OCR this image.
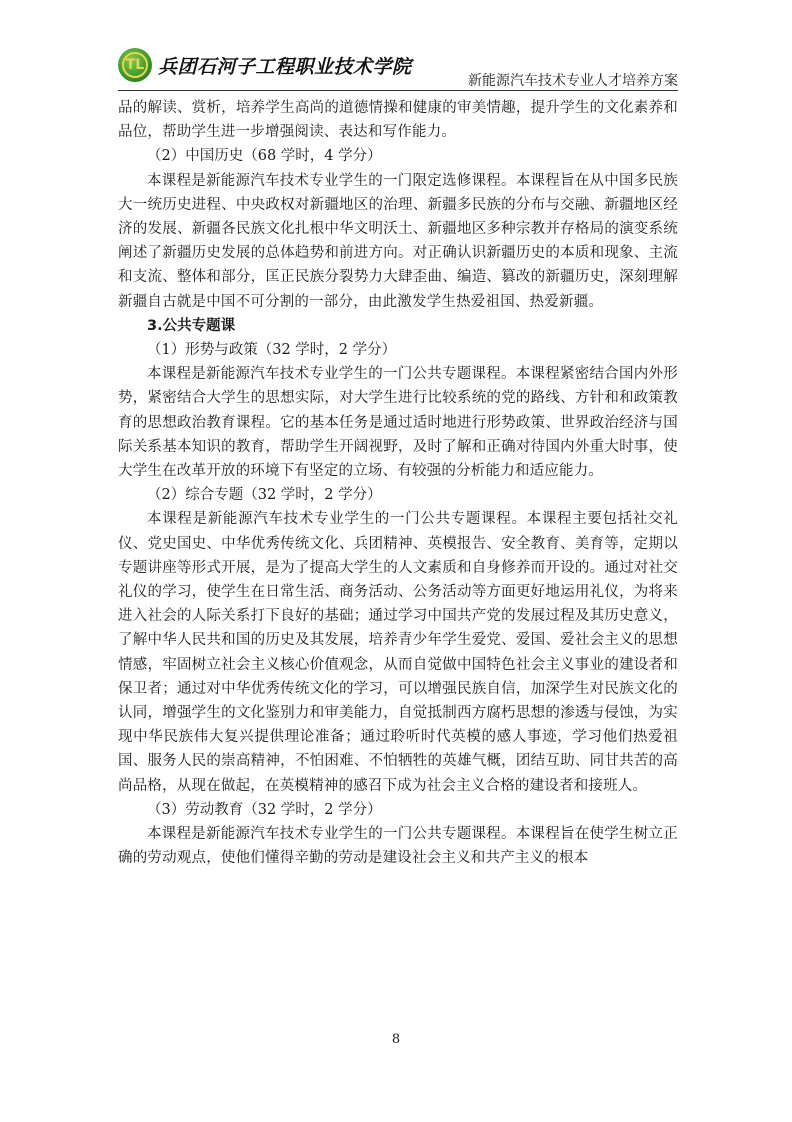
TL 兵团石河子工程职业技术学院
新能源汽车技术专业人才培养方案

品的解读、赏析，培养学生高尚的道德情操和健康的审美情趣，提升学生的文化素养和品位，帮助学生进一步增强阅读、表达和写作能力。

（2）中国历史（68 学时，4 学分）

本课程是新能源汽车技术专业学生的一门限定选修课程。本课程旨在从中国多民族大一统历史进程、中央政权对新疆地区的治理、新疆多民族的分布与交融、新疆地区经济的发展、新疆各民族文化扎根中华文明沃土、新疆地区多种宗教并存格局的演变系统阐述了新疆历史发展的总体趋势和前进方向。对正确认识新疆历史的本质和现象、主流和支流、整体和部分，匡正民族分裂势力大肆歪曲、编造、篡改的新疆历史，深刻理解新疆自古就是中国不可分割的一部分，由此激发学生热爱祖国、热爱新疆。

3.公共专题课

（1）形势与政策（32 学时，2 学分）

本课程是新能源汽车技术专业学生的一门公共专题课程。本课程紧密结合国内外形势，紧密结合大学生的思想实际，对大学生进行比较系统的党的路线、方针和和政策教育的思想政治教育课程。它的基本任务是通过适时地进行形势政策、世界政治经济与国际关系基本知识的教育，帮助学生开阔视野，及时了解和正确对待国内外重大时事，使大学生在改革开放的环境下有坚定的立场、有较强的分析能力和适应能力。

（2）综合专题（32 学时，2 学分）

本课程是新能源汽车技术专业学生的一门公共专题课程。本课程主要包括社交礼仪、党史国史、中华优秀传统文化、兵团精神、英模报告、安全教育、美育等，定期以专题讲座等形式开展，是为了提高大学生的人文素质和自身修养而开设的。通过对社交礼仪的学习，使学生在日常生活、商务活动、公务活动等方面更好地运用礼仪，为将来进入社会的人际关系打下良好的基础；通过学习中国共产党的发展过程及其历史意义，了解中华人民共和国的历史及其发展，培养青少年学生爱党、爱国、爱社会主义的思想情感，牢固树立社会主义核心价值观念，从而自觉做中国特色社会主义事业的建设者和保卫者；通过对中华优秀传统文化的学习，可以增强民族自信，加深学生对民族文化的认同，增强学生的文化鉴别力和审美能力，自觉抵制西方腐朽思想的渗透与侵蚀，为实现中华民族伟大复兴提供理论准备；通过聆听时代英模的感人事迹，学习他们热爱祖国、服务人民的崇高精神，不怕困难、不怕牺牲的英雄气概，团结互助、同甘共苦的高尚品格，从现在做起，在英模精神的感召下成为社会主义合格的建设者和接班人。

（3）劳动教育（32 学时，2 学分）

本课程是新能源汽车技术专业学生的一门公共专题课程。本课程旨在使学生树立正确的劳动观点，使他们懂得辛勤的劳动是建设社会主义和共产主义的根本

8
